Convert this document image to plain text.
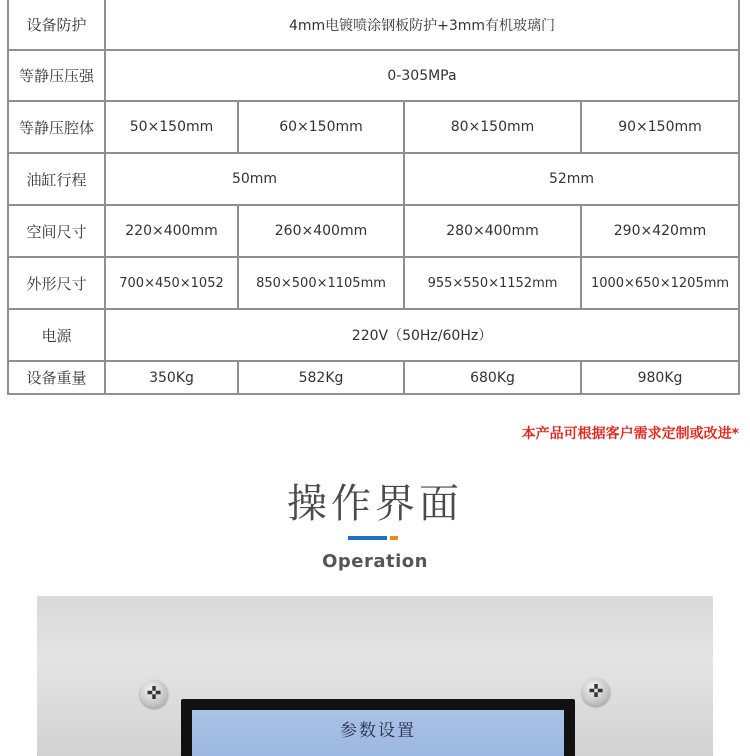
设备防护	4mm电镀喷涂钢板防护+3mm有机玻璃门
等静压压强	0-305MPa
等静压腔体	50×150mm	60×150mm	80×150mm	90×150mm
油缸行程	50mm	52mm
空间尺寸	220×400mm	260×400mm	280×400mm	290×420mm
外形尺寸	700×450×1052	850×500×1105mm	955×550×1152mm	1000×650×1205mm
电源	220V（50Hz/60Hz）
设备重量	350Kg	582Kg	680Kg	980Kg
本产品可根据客户需求定制或改进*
操作界面
Operation
✜	✜
参数设置
